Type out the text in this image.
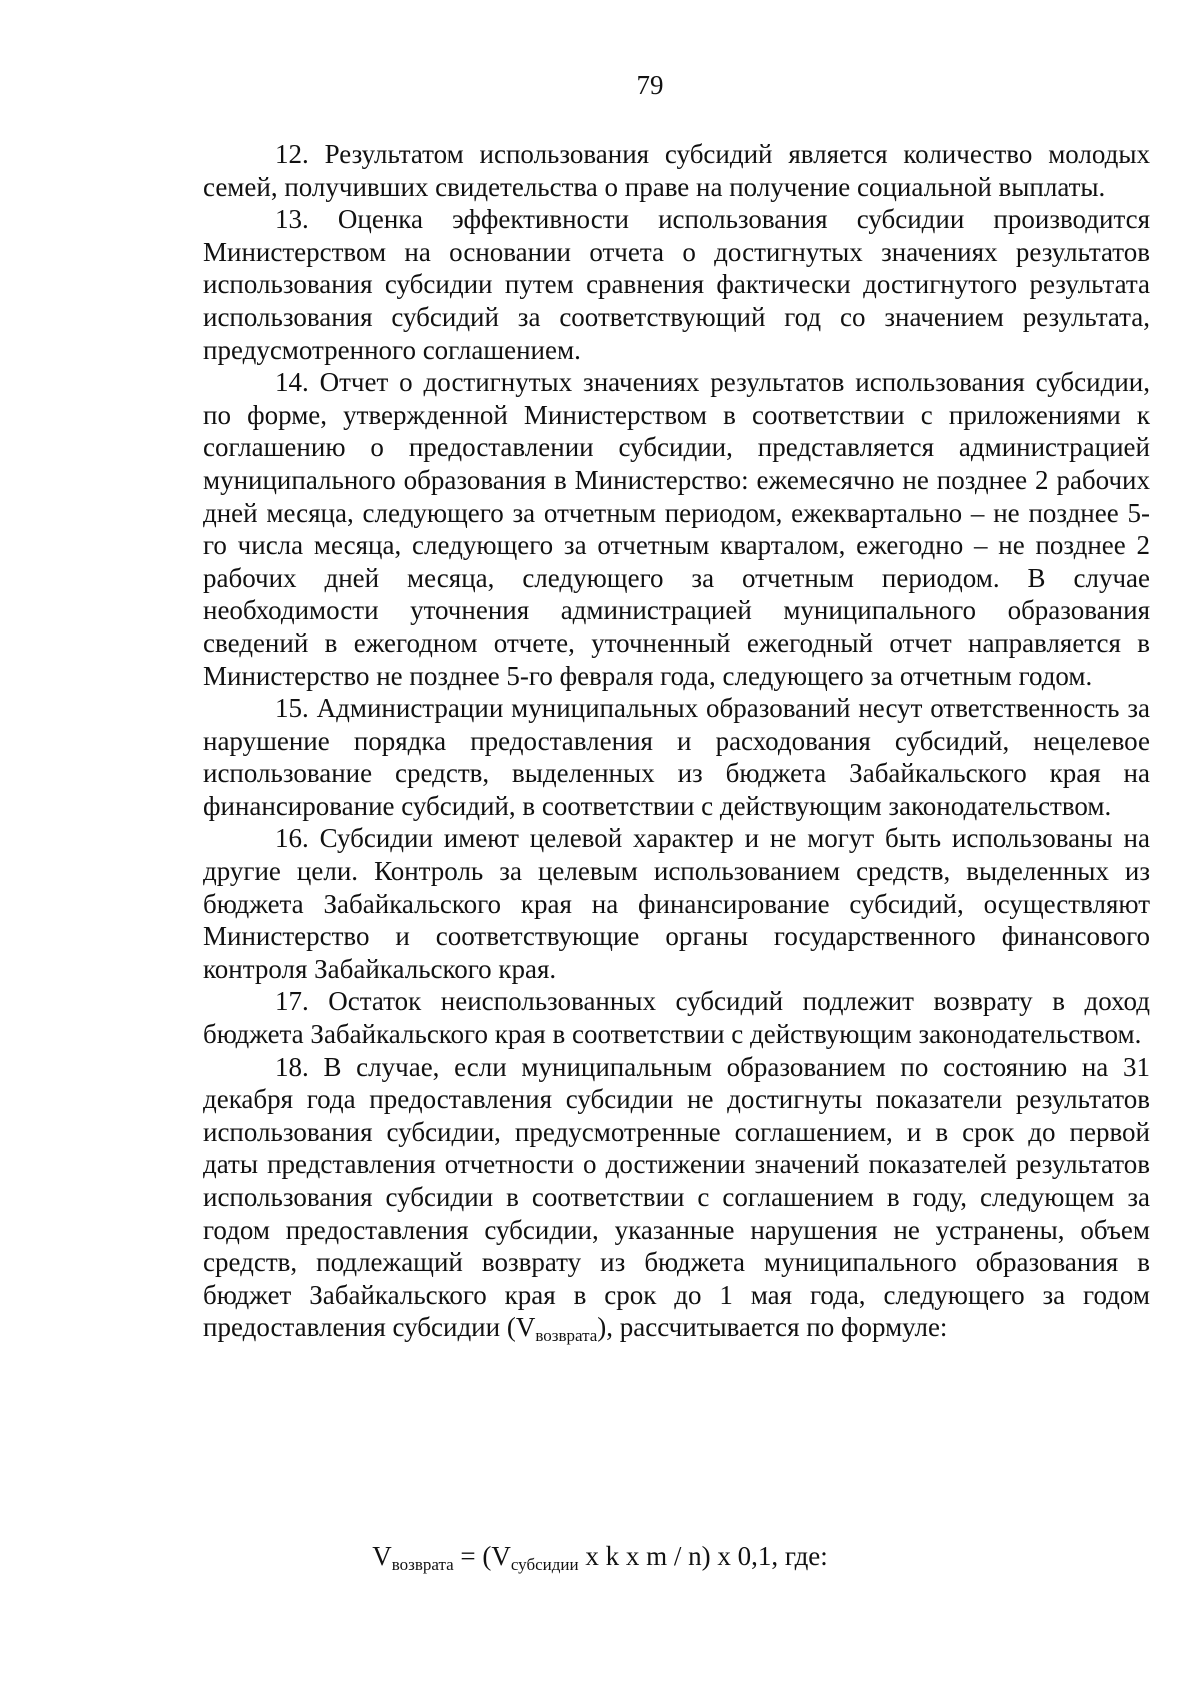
79

12. Результатом использования субсидий является количество молодых семей, получивших свидетельства о праве на получение социальной выплаты.

13. Оценка эффективности использования субсидии производится Министерством на основании отчета о достигнутых значениях результатов использования субсидии путем сравнения фактически достигнутого результата использования субсидий за соответствующий год со значением результата, предусмотренного соглашением.

14. Отчет о достигнутых значениях результатов использования субсидии, по форме, утвержденной Министерством в соответствии с приложениями к соглашению о предоставлении субсидии, представляется администрацией муниципального образования в Министерство: ежемесячно не позднее 2 рабочих дней месяца, следующего за отчетным периодом, ежеквартально – не позднее 5-го числа месяца, следующего за отчетным кварталом, ежегодно – не позднее 2 рабочих дней месяца, следующего за отчетным периодом. В случае необходимости уточнения администрацией муниципального образования сведений в ежегодном отчете, уточненный ежегодный отчет направляется в Министерство не позднее 5-го февраля года, следующего за отчетным годом.

15. Администрации муниципальных образований несут ответственность за нарушение порядка предоставления и расходования субсидий, нецелевое использование средств, выделенных из бюджета Забайкальского края на финансирование субсидий, в соответствии с действующим законодательством.

16. Субсидии имеют целевой характер и не могут быть использованы на другие цели. Контроль за целевым использованием средств, выделенных из бюджета Забайкальского края на финансирование субсидий, осуществляют Министерство и соответствующие органы государственного финансового контроля Забайкальского края.

17. Остаток неиспользованных субсидий подлежит возврату в доход бюджета Забайкальского края в соответствии с действующим законодательством.

18. В случае, если муниципальным образованием по состоянию на 31 декабря года предоставления субсидии не достигнуты показатели результатов использования субсидии, предусмотренные соглашением, и в срок до первой даты представления отчетности о достижении значений показателей результатов использования субсидии в соответствии с соглашением в году, следующем за годом предоставления субсидии, указанные нарушения не устранены, объем средств, подлежащий возврату из бюджета муниципального образования в бюджет Забайкальского края в срок до 1 мая года, следующего за годом предоставления субсидии $(V_{возврата})$, рассчитывается по формуле:

$V_{возврата} = (V_{субсидии}$ х k х m / n) х 0,1, где:
